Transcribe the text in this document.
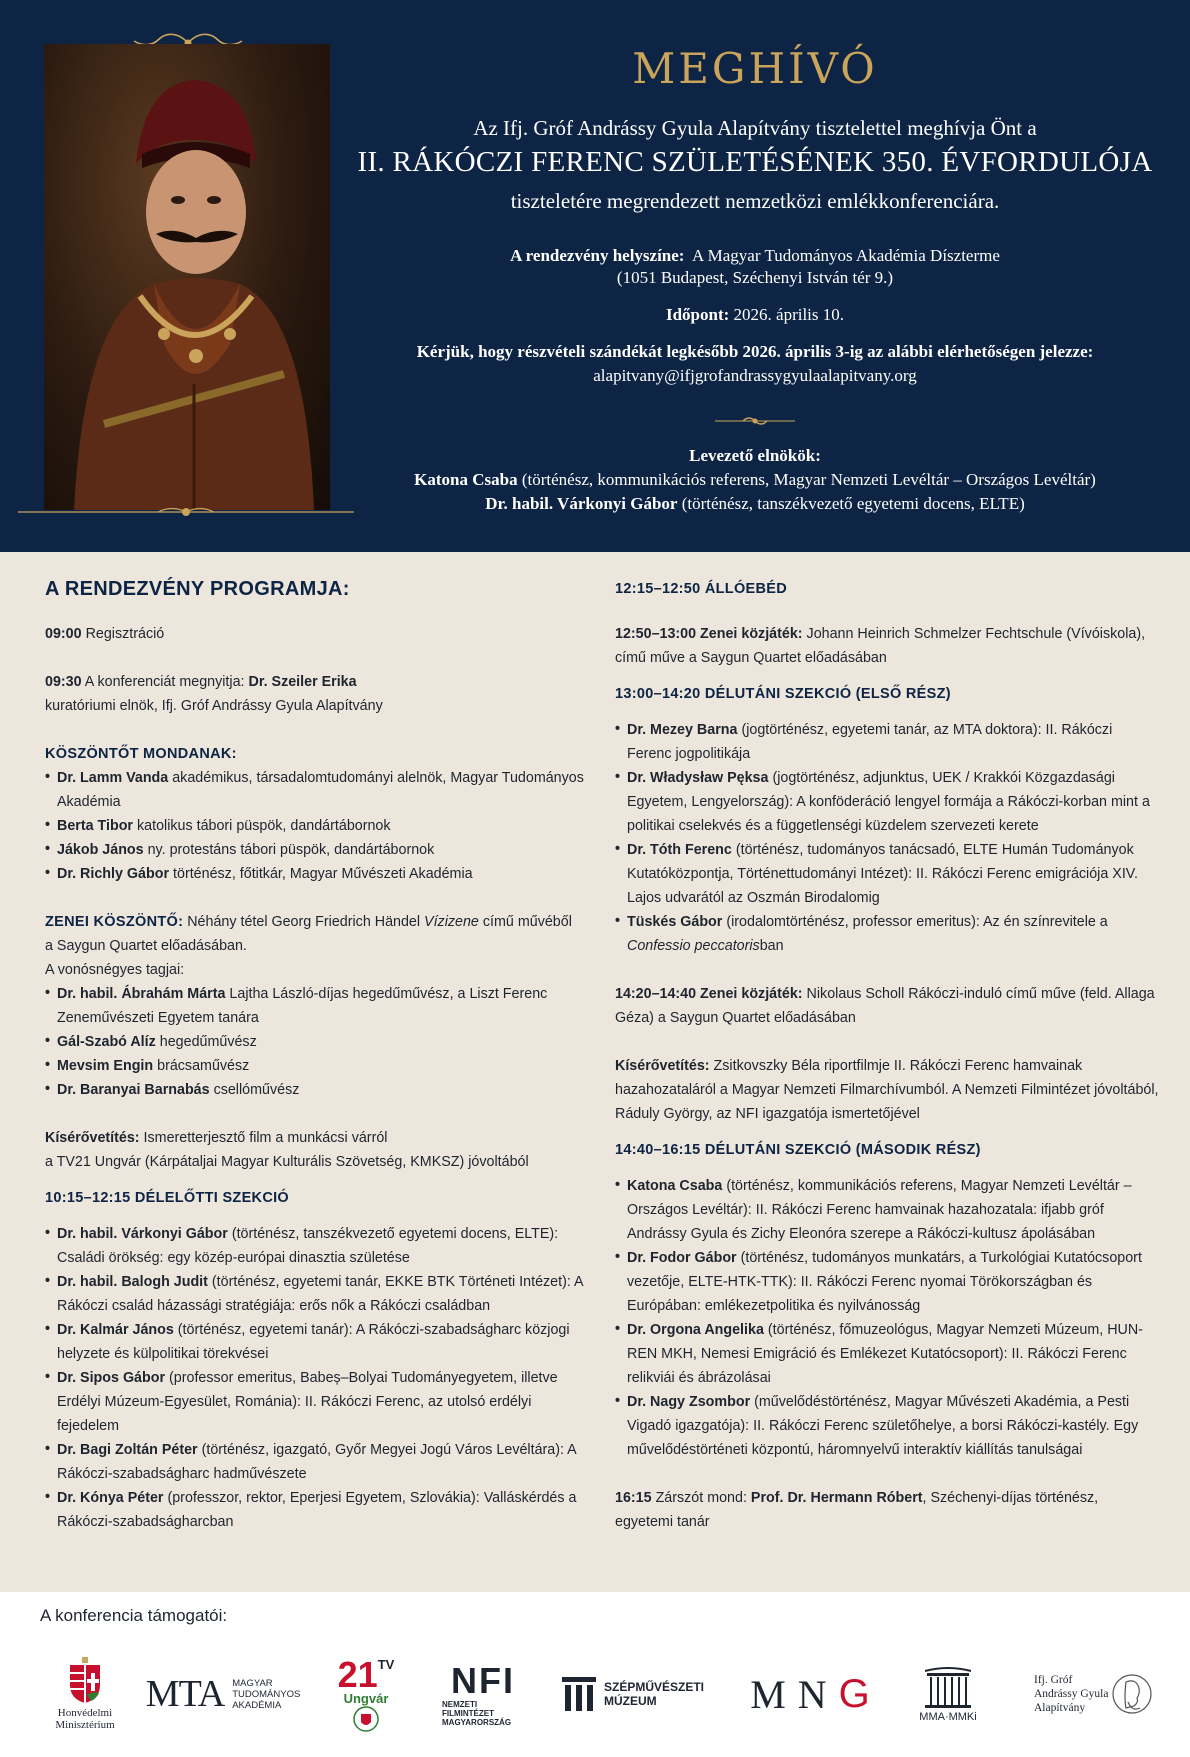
MEGHÍVÓ
Az Ifj. Gróf Andrássy Gyula Alapítvány tisztelettel meghívja Önt a
II. RÁKÓCZI FERENC SZÜLETÉSÉNEK 350. ÉVFORDULÓJA
tiszteletére megrendezett nemzetközi emlékkonferenciára.
A rendezvény helyszíne: A Magyar Tudományos Akadémia Díszterme
(1051 Budapest, Széchenyi István tér 9.)
Időpont: 2026. április 10.
Kérjük, hogy részvételi szándékát legkésőbb 2026. április 3-ig az alábbi elérhetőségen jelezze:
alapitvany@ifjgrofandrassygyulaalapitvany.org
Levezető elnökök:
Katona Csaba (történész, kommunikációs referens, Magyar Nemzeti Levéltár – Országos Levéltár)
Dr. habil. Várkonyi Gábor (történész, tanszékvezető egyetemi docens, ELTE)
A RENDEZVÉNY PROGRAMJA:
09:00 Regisztráció
09:30 A konferenciát megnyitja: Dr. Szeiler Erika
kuratóriumi elnök, Ifj. Gróf Andrássy Gyula Alapítvány
KÖSZÖNTŐT MONDANAK:
• Dr. Lamm Vanda akadémikus, társadalomtudományi alelnök, Magyar Tudományos Akadémia
• Berta Tibor katolikus tábori püspök, dandártábornok
• Jákob János ny. protestáns tábori püspök, dandártábornok
• Dr. Richly Gábor történész, főtitkár, Magyar Művészeti Akadémia
ZENEI KÖSZÖNTŐ: Néhány tétel Georg Friedrich Händel Vízizene című művéből
a Saygun Quartet előadásában.
A vonósnégyes tagjai:
• Dr. habil. Ábrahám Márta Lajtha László-díjas hegedűművész, a Liszt Ferenc Zeneművészeti Egyetem tanára
• Gál-Szabó Alíz hegedűművész
• Mevsim Engin brácsaművész
• Dr. Baranyai Barnabás csellóművész
Kísérővetítés: Ismeretterjesztő film a munkácsi várról
a TV21 Ungvár (Kárpátaljai Magyar Kulturális Szövetség, KMKSZ) jóvoltából
10:15–12:15 DÉLELŐTTI SZEKCIÓ
• Dr. habil. Várkonyi Gábor (történész, tanszékvezető egyetemi docens, ELTE): Családi örökség: egy közép-európai dinasztia születése
• Dr. habil. Balogh Judit (történész, egyetemi tanár, EKKE BTK Történeti Intézet): A Rákóczi család házassági stratégiája: erős nők a Rákóczi családban
• Dr. Kalmár János (történész, egyetemi tanár): A Rákóczi-szabadságharc közjogi helyzete és külpolitikai törekvései
• Dr. Sipos Gábor (professor emeritus, Babeș–Bolyai Tudományegyetem, illetve Erdélyi Múzeum-Egyesület, Románia): II. Rákóczi Ferenc, az utolsó erdélyi fejedelem
• Dr. Bagi Zoltán Péter (történész, igazgató, Győr Megyei Jogú Város Levéltára): A Rákóczi-szabadságharc hadművészete
• Dr. Kónya Péter (professzor, rektor, Eperjesi Egyetem, Szlovákia): Valláskérdés a Rákóczi-szabadságharcban
12:15–12:50 ÁLLÓEBÉD
12:50–13:00 Zenei közjáték: Johann Heinrich Schmelzer Fechtschule (Vívóiskola), című műve a Saygun Quartet előadásában
13:00–14:20 DÉLUTÁNI SZEKCIÓ (ELSŐ RÉSZ)
• Dr. Mezey Barna (jogtörténész, egyetemi tanár, az MTA doktora): II. Rákóczi Ferenc jogpolitikája
• Dr. Władysław Pęksa (jogtörténész, adjunktus, UEK / Krakkói Közgazdasági Egyetem, Lengyelország): A konföderáció lengyel formája a Rákóczi-korban mint a politikai cselekvés és a függetlenségi küzdelem szervezeti kerete
• Dr. Tóth Ferenc (történész, tudományos tanácsadó, ELTE Humán Tudományok Kutatóközpontja, Történettudományi Intézet): II. Rákóczi Ferenc emigrációja XIV. Lajos udvarától az Oszmán Birodalomig
• Tüskés Gábor (irodalomtörténész, professor emeritus): Az én színrevitele a Confessio peccatorisban
14:20–14:40 Zenei közjáték: Nikolaus Scholl Rákóczi-induló című műve (feld. Allaga Géza) a Saygun Quartet előadásában
Kísérővetítés: Zsitkovszky Béla riportfilmje II. Rákóczi Ferenc hamvainak hazahozataláról a Magyar Nemzeti Filmarchívumból. A Nemzeti Filmintézet jóvoltából, Ráduly György, az NFI igazgatója ismertetőjével
14:40–16:15 DÉLUTÁNI SZEKCIÓ (MÁSODIK RÉSZ)
• Katona Csaba (történész, kommunikációs referens, Magyar Nemzeti Levéltár – Országos Levéltár): II. Rákóczi Ferenc hamvainak hazahozatala: ifjabb gróf Andrássy Gyula és Zichy Eleonóra szerepe a Rákóczi-kultusz ápolásában
• Dr. Fodor Gábor (történész, tudományos munkatárs, a Turkológiai Kutatócsoport vezetője, ELTE-HTK-TTK): II. Rákóczi Ferenc nyomai Törökországban és Európában: emlékezetpolitika és nyilvánosság
• Dr. Orgona Angelika (történész, főmuzeológus, Magyar Nemzeti Múzeum, HUN-REN MKH, Nemesi Emigráció és Emlékezet Kutatócsoport): II. Rákóczi Ferenc relikviái és ábrázolásai
• Dr. Nagy Zsombor (művelődéstörténész, Magyar Művészeti Akadémia, a Pesti Vigadó igazgatója): II. Rákóczi Ferenc születőhelye, a borsi Rákóczi-kastély. Egy művelődéstörténeti központú, háromnyelvű interaktív kiállítás tanulságai
16:15 Zárszót mond: Prof. Dr. Hermann Róbert, Széchenyi-díjas történész, egyetemi tanár
A konferencia támogatói:
Honvédelmi Minisztérium
MTA MAGYAR TUDOMÁNYOS AKADÉMIA
21 TV
Ungvár NFI
NEMZETI FILMINTÉZET MAGYARORSZÁG
SZÉPMŰVÉSZETI MÚZEUM	M N G
MMA·MMKi
Ifj. Gróf Andrássy Gyula Alapítvány
